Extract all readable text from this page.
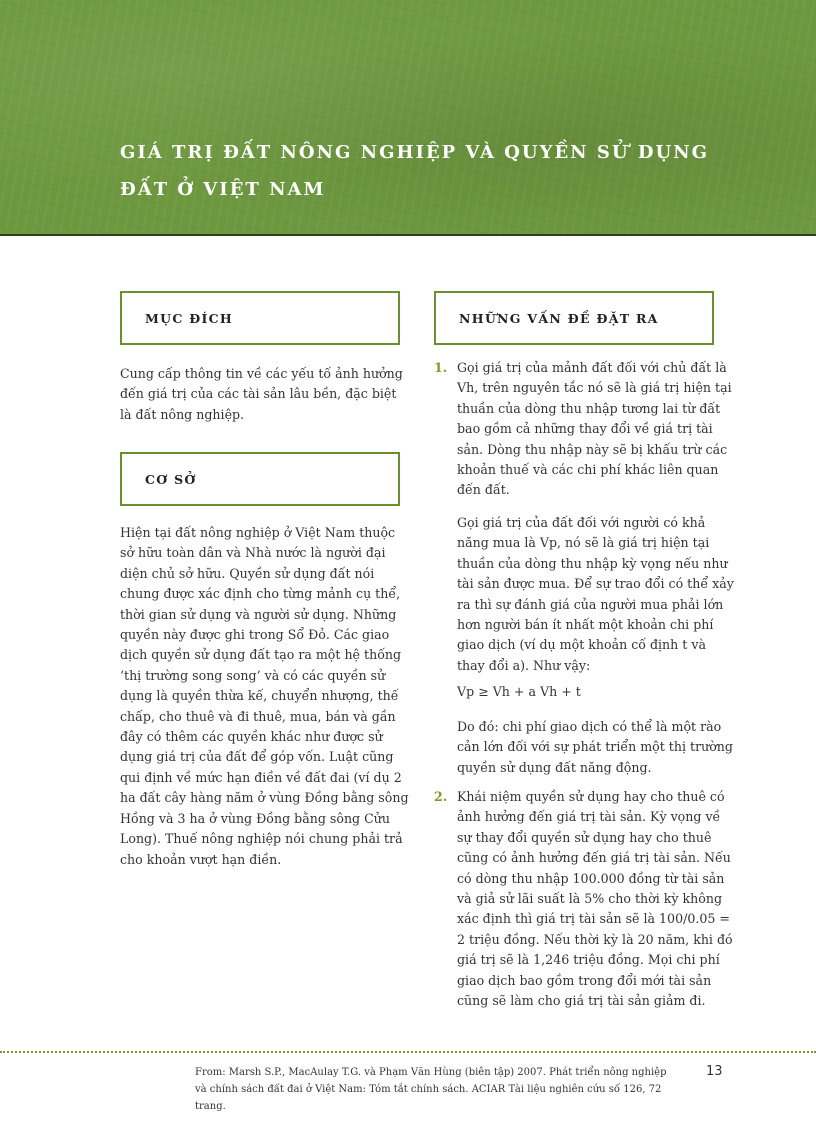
GIÁ TRỊ ĐẤT NÔNG NGHIỆP VÀ QUYỀN SỬ DỤNG ĐẤT Ở VIỆT NAM
MỤC ĐÍCH

Cung cấp thông tin về các yếu tố ảnh hưởng đến giá trị của các tài sản lâu bền, đặc biệt là đất nông nghiệp.

CƠ SỞ

Hiện tại đất nông nghiệp ở Việt Nam thuộc sở hữu toàn dân và Nhà nước là người đại diện chủ sở hữu. Quyền sử dụng đất nói chung được xác định cho từng mảnh cụ thể, thời gian sử dụng và người sử dụng. Những quyền này được ghi trong Sổ Đỏ. Các giao dịch quyền sử dụng đất tạo ra một hệ thống ‘thị trường song song’ và có các quyền sử dụng là quyền thừa kế, chuyển nhượng, thế chấp, cho thuê và đi thuê, mua, bán và gần đây có thêm các quyền khác như được sử dụng giá trị của đất để góp vốn. Luật cũng qui định về mức hạn điền về đất đai (ví dụ 2 ha đất cây hàng năm ở vùng Đồng bằng sông Hồng và 3 ha ở vùng Đồng bằng sông Cửu Long). Thuế nông nghiệp nói chung phải trả cho khoản vượt hạn điền.

NHỮNG VẤN ĐỀ ĐẶT RA
1. Gọi giá trị của mảnh đất đối với chủ đất là Vh, trên nguyên tắc nó sẽ là giá trị hiện tại thuần của dòng thu nhập tương lai từ đất bao gồm cả những thay đổi về giá trị tài sản. Dòng thu nhập này sẽ bị khấu trừ các khoản thuế và các chi phí khác liên quan đến đất.

Gọi giá trị của đất đối với người có khả năng mua là Vp, nó sẽ là giá trị hiện tại thuần của dòng thu nhập kỳ vọng nếu như tài sản được mua. Để sự trao đổi có thể xảy ra thì sự đánh giá của người mua phải lớn hơn người bán ít nhất một khoản chi phí giao dịch (ví dụ một khoản cố định t và thay đổi a). Như vậy:

Vp ≥ Vh + a Vh + t

Do đó: chi phí giao dịch có thể là một rào cản lớn đối với sự phát triển một thị trường quyền sử dụng đất năng động.

2. Khái niệm quyền sử dụng hay cho thuê có ảnh hưởng đến giá trị tài sản. Kỳ vọng về sự thay đổi quyền sử dụng hay cho thuê cũng có ảnh hưởng đến giá trị tài sản. Nếu có dòng thu nhập 100.000 đồng từ tài sản và giả sử lãi suất là 5% cho thời kỳ không xác định thì giá trị tài sản sẽ là 100/0.05 = 2 triệu đồng. Nếu thời kỳ là 20 năm, khi đó giá trị sẽ là 1,246 triệu đồng. Mọi chi phí giao dịch bao gồm trong đổi mới tài sản cũng sẽ làm cho giá trị tài sản giảm đi.

From: Marsh S.P., MacAulay T.G. và Phạm Văn Hùng (biên tập) 2007. Phát triển nông nghiệp và chính sách đất đai ở Việt Nam: Tóm tắt chính sách. ACIAR Tài liệu nghiên cứu số 126, 72 trang.

13
